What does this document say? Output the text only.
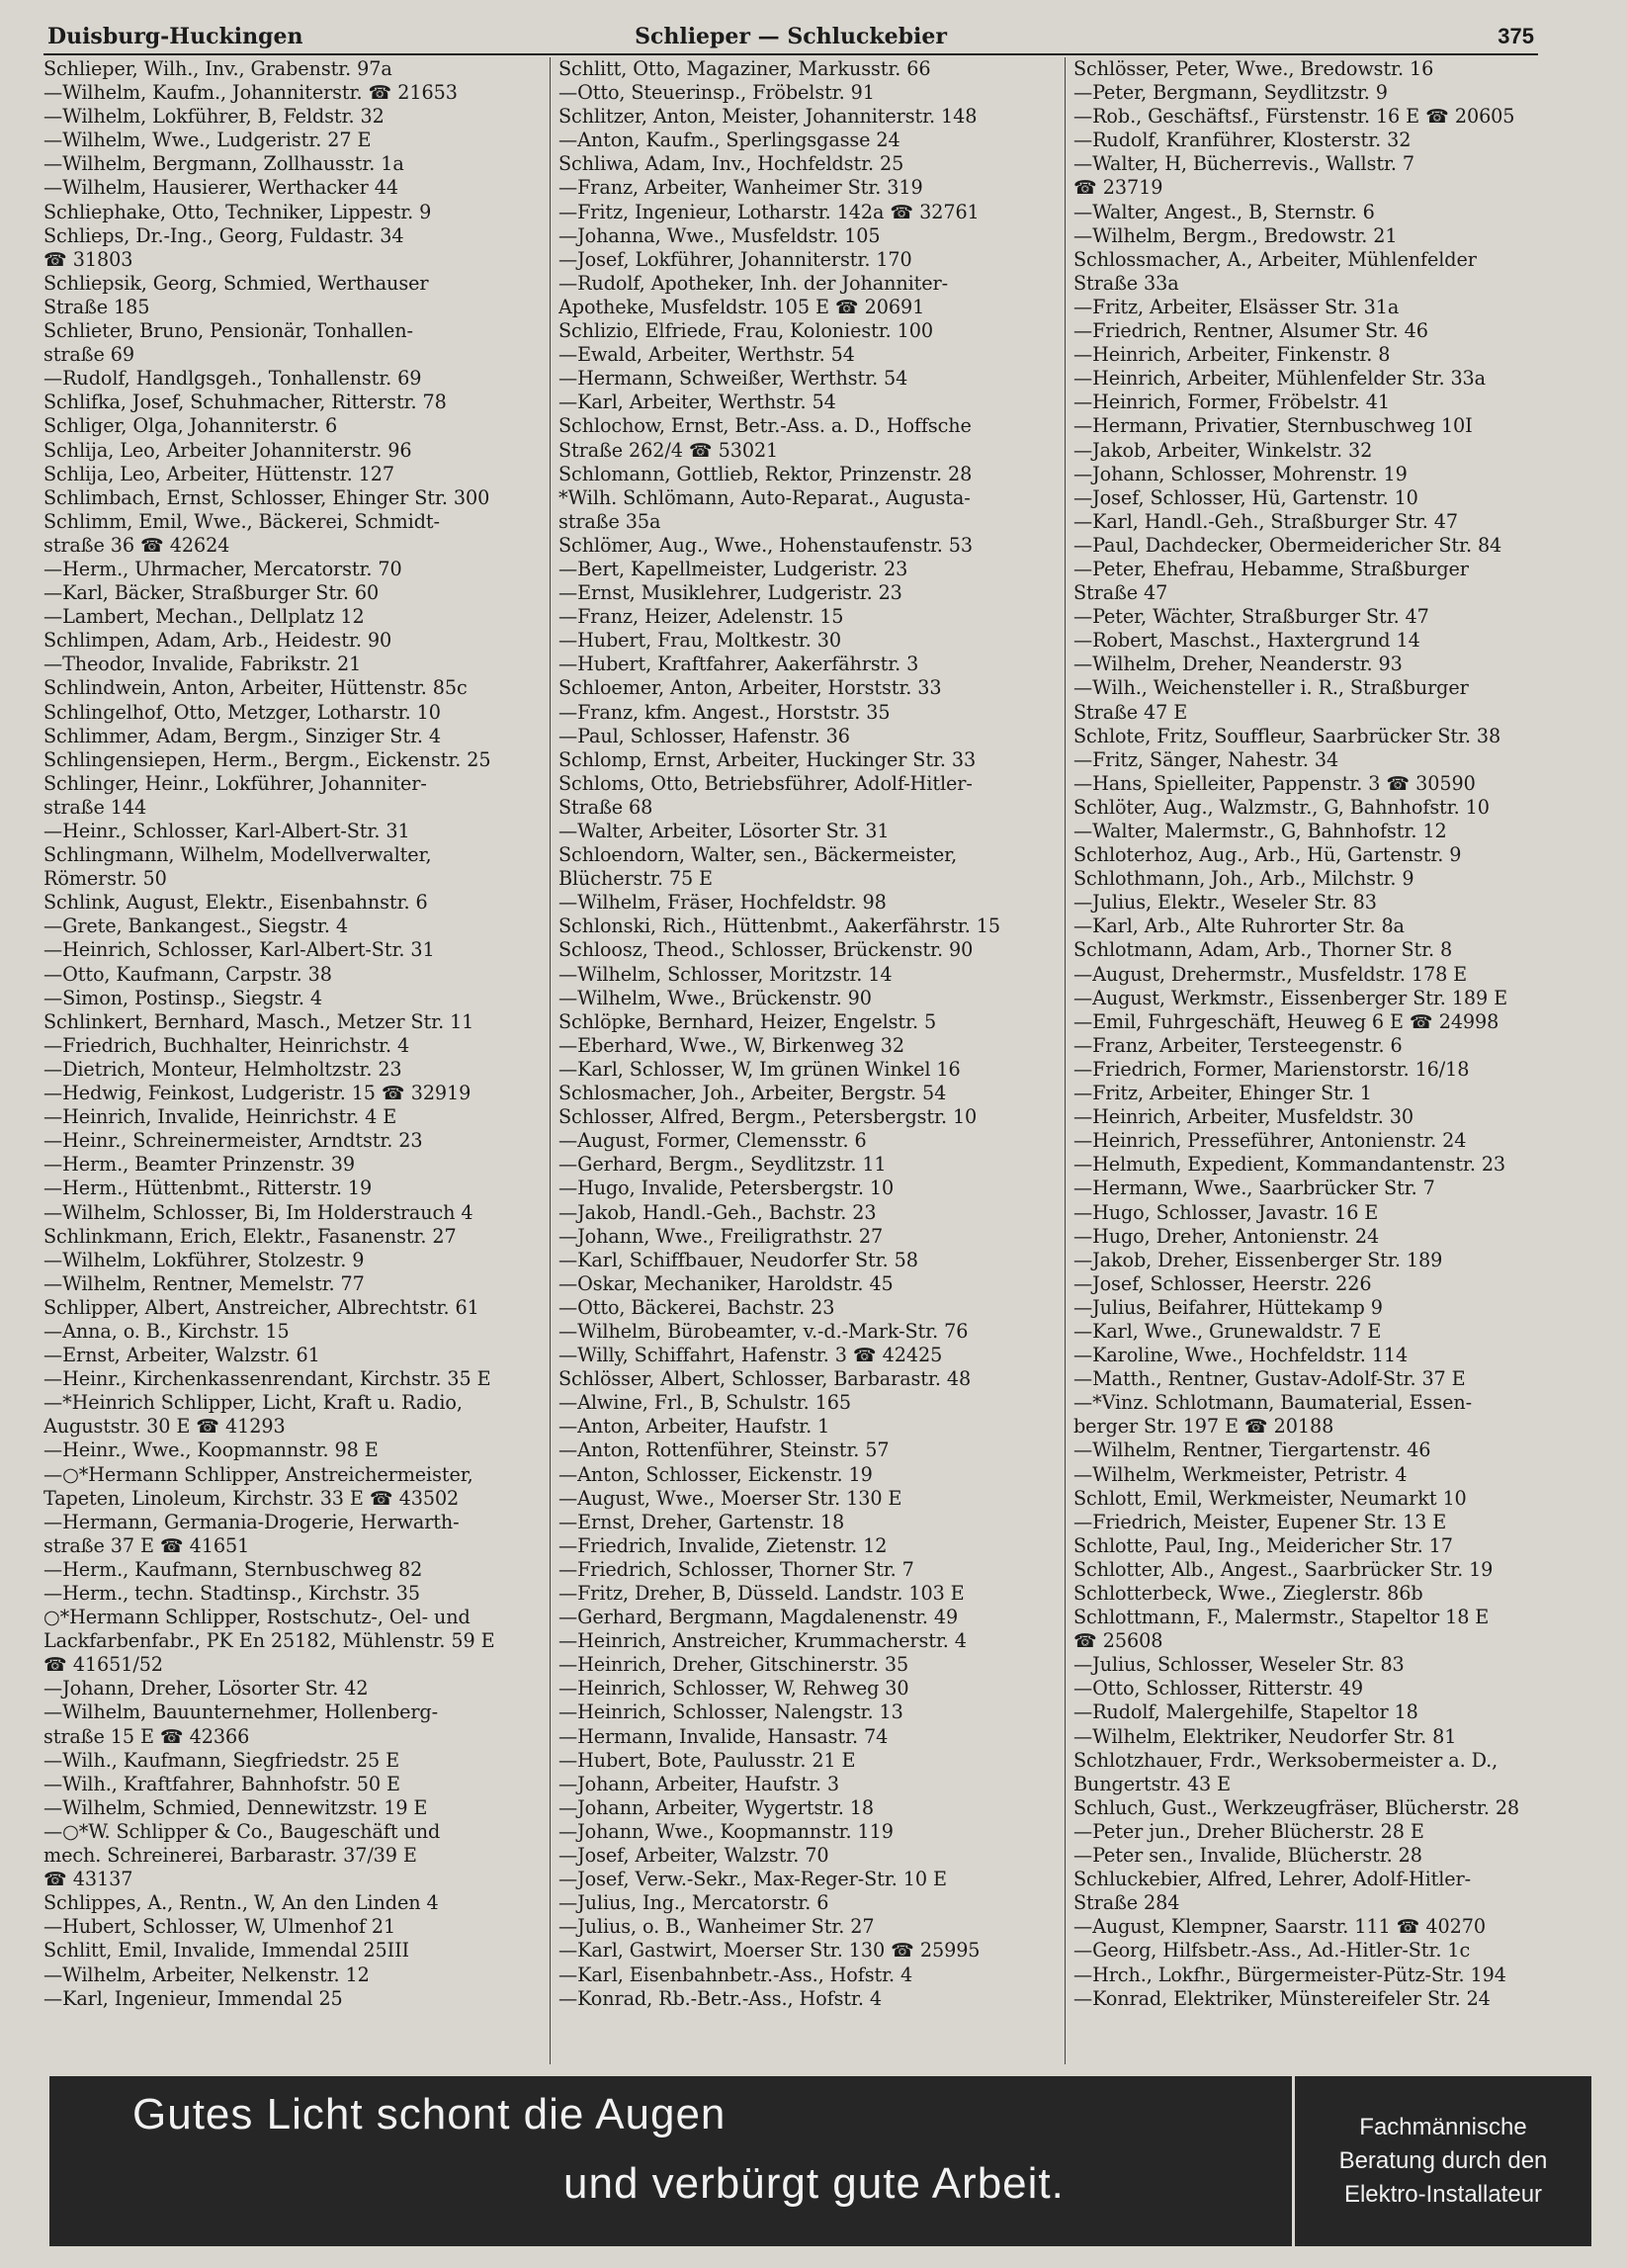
Duisburg-Huckingen	Schlieper — Schluckebier	375

Schlieper, Wilh., Inv., Grabenstr. 97a

—Wilhelm, Kaufm., Johanniterstr. ☎ 21653

—Wilhelm, Lokführer, B, Feldstr. 32

—Wilhelm, Wwe., Ludgeristr. 27 E

—Wilhelm, Bergmann, Zollhausstr. 1a

—Wilhelm, Hausierer, Werthacker 44

Schliephake, Otto, Techniker, Lippestr. 9

Schlieps, Dr.-Ing., Georg, Fuldastr. 34

☎ 31803

Schliepsik, Georg, Schmied, Werthauser

Straße 185

Schlieter, Bruno, Pensionär, Tonhallen-

straße 69

—Rudolf, Handlgsgeh., Tonhallenstr. 69

Schlifka, Josef, Schuhmacher, Ritterstr. 78

Schliger, Olga, Johanniterstr. 6

Schlija, Leo, Arbeiter Johanniterstr. 96

Schlija, Leo, Arbeiter, Hüttenstr. 127

Schlimbach, Ernst, Schlosser, Ehinger Str. 300

Schlimm, Emil, Wwe., Bäckerei, Schmidt-

straße 36 ☎ 42624

—Herm., Uhrmacher, Mercatorstr. 70

—Karl, Bäcker, Straßburger Str. 60

—Lambert, Mechan., Dellplatz 12

Schlimpen, Adam, Arb., Heidestr. 90

—Theodor, Invalide, Fabrikstr. 21

Schlindwein, Anton, Arbeiter, Hüttenstr. 85c

Schlingelhof, Otto, Metzger, Lotharstr. 10

Schlimmer, Adam, Bergm., Sinziger Str. 4

Schlingensiepen, Herm., Bergm., Eickenstr. 25

Schlinger, Heinr., Lokführer, Johanniter-

straße 144

—Heinr., Schlosser, Karl-Albert-Str. 31

Schlingmann, Wilhelm, Modellverwalter,

Römerstr. 50

Schlink, August, Elektr., Eisenbahnstr. 6

—Grete, Bankangest., Siegstr. 4

—Heinrich, Schlosser, Karl-Albert-Str. 31

—Otto, Kaufmann, Carpstr. 38

—Simon, Postinsp., Siegstr. 4

Schlinkert, Bernhard, Masch., Metzer Str. 11

—Friedrich, Buchhalter, Heinrichstr. 4

—Dietrich, Monteur, Helmholtzstr. 23

—Hedwig, Feinkost, Ludgeristr. 15 ☎ 32919

—Heinrich, Invalide, Heinrichstr. 4 E

—Heinr., Schreinermeister, Arndtstr. 23

—Herm., Beamter Prinzenstr. 39

—Herm., Hüttenbmt., Ritterstr. 19

—Wilhelm, Schlosser, Bi, Im Holderstrauch 4

Schlinkmann, Erich, Elektr., Fasanenstr. 27

—Wilhelm, Lokführer, Stolzestr. 9

—Wilhelm, Rentner, Memelstr. 77

Schlipper, Albert, Anstreicher, Albrechtstr. 61

—Anna, o. B., Kirchstr. 15

—Ernst, Arbeiter, Walzstr. 61

—Heinr., Kirchenkassenrendant, Kirchstr. 35 E

—*Heinrich Schlipper, Licht, Kraft u. Radio,

Auguststr. 30 E ☎ 41293

—Heinr., Wwe., Koopmannstr. 98 E

—○*Hermann Schlipper, Anstreichermeister,

Tapeten, Linoleum, Kirchstr. 33 E ☎ 43502

—Hermann, Germania-Drogerie, Herwarth-

straße 37 E ☎ 41651

—Herm., Kaufmann, Sternbuschweg 82

—Herm., techn. Stadtinsp., Kirchstr. 35

○*Hermann Schlipper, Rostschutz-, Oel- und

Lackfarbenfabr., PK En 25182, Mühlenstr. 59 E

☎ 41651/52

—Johann, Dreher, Lösorter Str. 42

—Wilhelm, Bauunternehmer, Hollenberg-

straße 15 E ☎ 42366

—Wilh., Kaufmann, Siegfriedstr. 25 E

—Wilh., Kraftfahrer, Bahnhofstr. 50 E

—Wilhelm, Schmied, Dennewitzstr. 19 E

—○*W. Schlipper & Co., Baugeschäft und

mech. Schreinerei, Barbarastr. 37/39 E

☎ 43137

Schlippes, A., Rentn., W, An den Linden 4

—Hubert, Schlosser, W, Ulmenhof 21

Schlitt, Emil, Invalide, Immendal 25III

—Wilhelm, Arbeiter, Nelkenstr. 12

—Karl, Ingenieur, Immendal 25

Schlitt, Otto, Magaziner, Markusstr. 66

—Otto, Steuerinsp., Fröbelstr. 91

Schlitzer, Anton, Meister, Johanniterstr. 148

—Anton, Kaufm., Sperlingsgasse 24

Schliwa, Adam, Inv., Hochfeldstr. 25

—Franz, Arbeiter, Wanheimer Str. 319

—Fritz, Ingenieur, Lotharstr. 142a ☎ 32761

—Johanna, Wwe., Musfeldstr. 105

—Josef, Lokführer, Johanniterstr. 170

—Rudolf, Apotheker, Inh. der Johanniter-

Apotheke, Musfeldstr. 105 E ☎ 20691

Schlizio, Elfriede, Frau, Koloniestr. 100

—Ewald, Arbeiter, Werthstr. 54

—Hermann, Schweißer, Werthstr. 54

—Karl, Arbeiter, Werthstr. 54

Schlochow, Ernst, Betr.-Ass. a. D., Hoffsche

Straße 262/4 ☎ 53021

Schlomann, Gottlieb, Rektor, Prinzenstr. 28

*Wilh. Schlömann, Auto-Reparat., Augusta-

straße 35a

Schlömer, Aug., Wwe., Hohenstaufenstr. 53

—Bert, Kapellmeister, Ludgeristr. 23

—Ernst, Musiklehrer, Ludgeristr. 23

—Franz, Heizer, Adelenstr. 15

—Hubert, Frau, Moltkestr. 30

—Hubert, Kraftfahrer, Aakerfährstr. 3

Schloemer, Anton, Arbeiter, Horststr. 33

—Franz, kfm. Angest., Horststr. 35

—Paul, Schlosser, Hafenstr. 36

Schlomp, Ernst, Arbeiter, Huckinger Str. 33

Schloms, Otto, Betriebsführer, Adolf-Hitler-

Straße 68

—Walter, Arbeiter, Lösorter Str. 31

Schloendorn, Walter, sen., Bäckermeister,

Blücherstr. 75 E

—Wilhelm, Fräser, Hochfeldstr. 98

Schlonski, Rich., Hüttenbmt., Aakerfährstr. 15

Schloosz, Theod., Schlosser, Brückenstr. 90

—Wilhelm, Schlosser, Moritzstr. 14

—Wilhelm, Wwe., Brückenstr. 90

Schlöpke, Bernhard, Heizer, Engelstr. 5

—Eberhard, Wwe., W, Birkenweg 32

—Karl, Schlosser, W, Im grünen Winkel 16

Schlosmacher, Joh., Arbeiter, Bergstr. 54

Schlosser, Alfred, Bergm., Petersbergstr. 10

—August, Former, Clemensstr. 6

—Gerhard, Bergm., Seydlitzstr. 11

—Hugo, Invalide, Petersbergstr. 10

—Jakob, Handl.-Geh., Bachstr. 23

—Johann, Wwe., Freiligrathstr. 27

—Karl, Schiffbauer, Neudorfer Str. 58

—Oskar, Mechaniker, Haroldstr. 45

—Otto, Bäckerei, Bachstr. 23

—Wilhelm, Bürobeamter, v.-d.-Mark-Str. 76

—Willy, Schiffahrt, Hafenstr. 3 ☎ 42425

Schlösser, Albert, Schlosser, Barbarastr. 48

—Alwine, Frl., B, Schulstr. 165

—Anton, Arbeiter, Haufstr. 1

—Anton, Rottenführer, Steinstr. 57

—Anton, Schlosser, Eickenstr. 19

—August, Wwe., Moerser Str. 130 E

—Ernst, Dreher, Gartenstr. 18

—Friedrich, Invalide, Zietenstr. 12

—Friedrich, Schlosser, Thorner Str. 7

—Fritz, Dreher, B, Düsseld. Landstr. 103 E

—Gerhard, Bergmann, Magdalenenstr. 49

—Heinrich, Anstreicher, Krummacherstr. 4

—Heinrich, Dreher, Gitschinerstr. 35

—Heinrich, Schlosser, W, Rehweg 30

—Heinrich, Schlosser, Nalengstr. 13

—Hermann, Invalide, Hansastr. 74

—Hubert, Bote, Paulusstr. 21 E

—Johann, Arbeiter, Haufstr. 3

—Johann, Arbeiter, Wygertstr. 18

—Johann, Wwe., Koopmannstr. 119

—Josef, Arbeiter, Walzstr. 70

—Josef, Verw.-Sekr., Max-Reger-Str. 10 E

—Julius, Ing., Mercatorstr. 6

—Julius, o. B., Wanheimer Str. 27

—Karl, Gastwirt, Moerser Str. 130 ☎ 25995

—Karl, Eisenbahnbetr.-Ass., Hofstr. 4

—Konrad, Rb.-Betr.-Ass., Hofstr. 4

Schlösser, Peter, Wwe., Bredowstr. 16

—Peter, Bergmann, Seydlitzstr. 9

—Rob., Geschäftsf., Fürstenstr. 16 E ☎ 20605

—Rudolf, Kranführer, Klosterstr. 32

—Walter, H, Bücherrevis., Wallstr. 7

☎ 23719

—Walter, Angest., B, Sternstr. 6

—Wilhelm, Bergm., Bredowstr. 21

Schlossmacher, A., Arbeiter, Mühlenfelder

Straße 33a

—Fritz, Arbeiter, Elsässer Str. 31a

—Friedrich, Rentner, Alsumer Str. 46

—Heinrich, Arbeiter, Finkenstr. 8

—Heinrich, Arbeiter, Mühlenfelder Str. 33a

—Heinrich, Former, Fröbelstr. 41

—Hermann, Privatier, Sternbuschweg 10I

—Jakob, Arbeiter, Winkelstr. 32

—Johann, Schlosser, Mohrenstr. 19

—Josef, Schlosser, Hü, Gartenstr. 10

—Karl, Handl.-Geh., Straßburger Str. 47

—Paul, Dachdecker, Obermeidericher Str. 84

—Peter, Ehefrau, Hebamme, Straßburger

Straße 47

—Peter, Wächter, Straßburger Str. 47

—Robert, Maschst., Haxtergrund 14

—Wilhelm, Dreher, Neanderstr. 93

—Wilh., Weichensteller i. R., Straßburger

Straße 47 E

Schlote, Fritz, Souffleur, Saarbrücker Str. 38

—Fritz, Sänger, Nahestr. 34

—Hans, Spielleiter, Pappenstr. 3 ☎ 30590

Schlöter, Aug., Walzmstr., G, Bahnhofstr. 10

—Walter, Malermstr., G, Bahnhofstr. 12

Schloterhoz, Aug., Arb., Hü, Gartenstr. 9

Schlothmann, Joh., Arb., Milchstr. 9

—Julius, Elektr., Weseler Str. 83

—Karl, Arb., Alte Ruhrorter Str. 8a

Schlotmann, Adam, Arb., Thorner Str. 8

—August, Drehermstr., Musfeldstr. 178 E

—August, Werkmstr., Eissenberger Str. 189 E

—Emil, Fuhrgeschäft, Heuweg 6 E ☎ 24998

—Franz, Arbeiter, Tersteegenstr. 6

—Friedrich, Former, Marienstorstr. 16/18

—Fritz, Arbeiter, Ehinger Str. 1

—Heinrich, Arbeiter, Musfeldstr. 30

—Heinrich, Presseführer, Antonienstr. 24

—Helmuth, Expedient, Kommandantenstr. 23

—Hermann, Wwe., Saarbrücker Str. 7

—Hugo, Schlosser, Javastr. 16 E

—Hugo, Dreher, Antonienstr. 24

—Jakob, Dreher, Eissenberger Str. 189

—Josef, Schlosser, Heerstr. 226

—Julius, Beifahrer, Hüttekamp 9

—Karl, Wwe., Grunewaldstr. 7 E

—Karoline, Wwe., Hochfeldstr. 114

—Matth., Rentner, Gustav-Adolf-Str. 37 E

—*Vinz. Schlotmann, Baumaterial, Essen-

berger Str. 197 E ☎ 20188

—Wilhelm, Rentner, Tiergartenstr. 46

—Wilhelm, Werkmeister, Petristr. 4

Schlott, Emil, Werkmeister, Neumarkt 10

—Friedrich, Meister, Eupener Str. 13 E

Schlotte, Paul, Ing., Meidericher Str. 17

Schlotter, Alb., Angest., Saarbrücker Str. 19

Schlotterbeck, Wwe., Zieglerstr. 86b

Schlottmann, F., Malermstr., Stapeltor 18 E

☎ 25608

—Julius, Schlosser, Weseler Str. 83

—Otto, Schlosser, Ritterstr. 49

—Rudolf, Malergehilfe, Stapeltor 18

—Wilhelm, Elektriker, Neudorfer Str. 81

Schlotzhauer, Frdr., Werksobermeister a. D.,

Bungertstr. 43 E

Schluch, Gust., Werkzeugfräser, Blücherstr. 28

—Peter jun., Dreher Blücherstr. 28 E

—Peter sen., Invalide, Blücherstr. 28

Schluckebier, Alfred, Lehrer, Adolf-Hitler-

Straße 284

—August, Klempner, Saarstr. 111 ☎ 40270

—Georg, Hilfsbetr.-Ass., Ad.-Hitler-Str. 1c

—Hrch., Lokfhr., Bürgermeister-Pütz-Str. 194

—Konrad, Elektriker, Münstereifeler Str. 24

Gutes Licht schont die Augen
und verbürgt gute Arbeit.
Fachmännische
Beratung durch den
Elektro-Installateur
